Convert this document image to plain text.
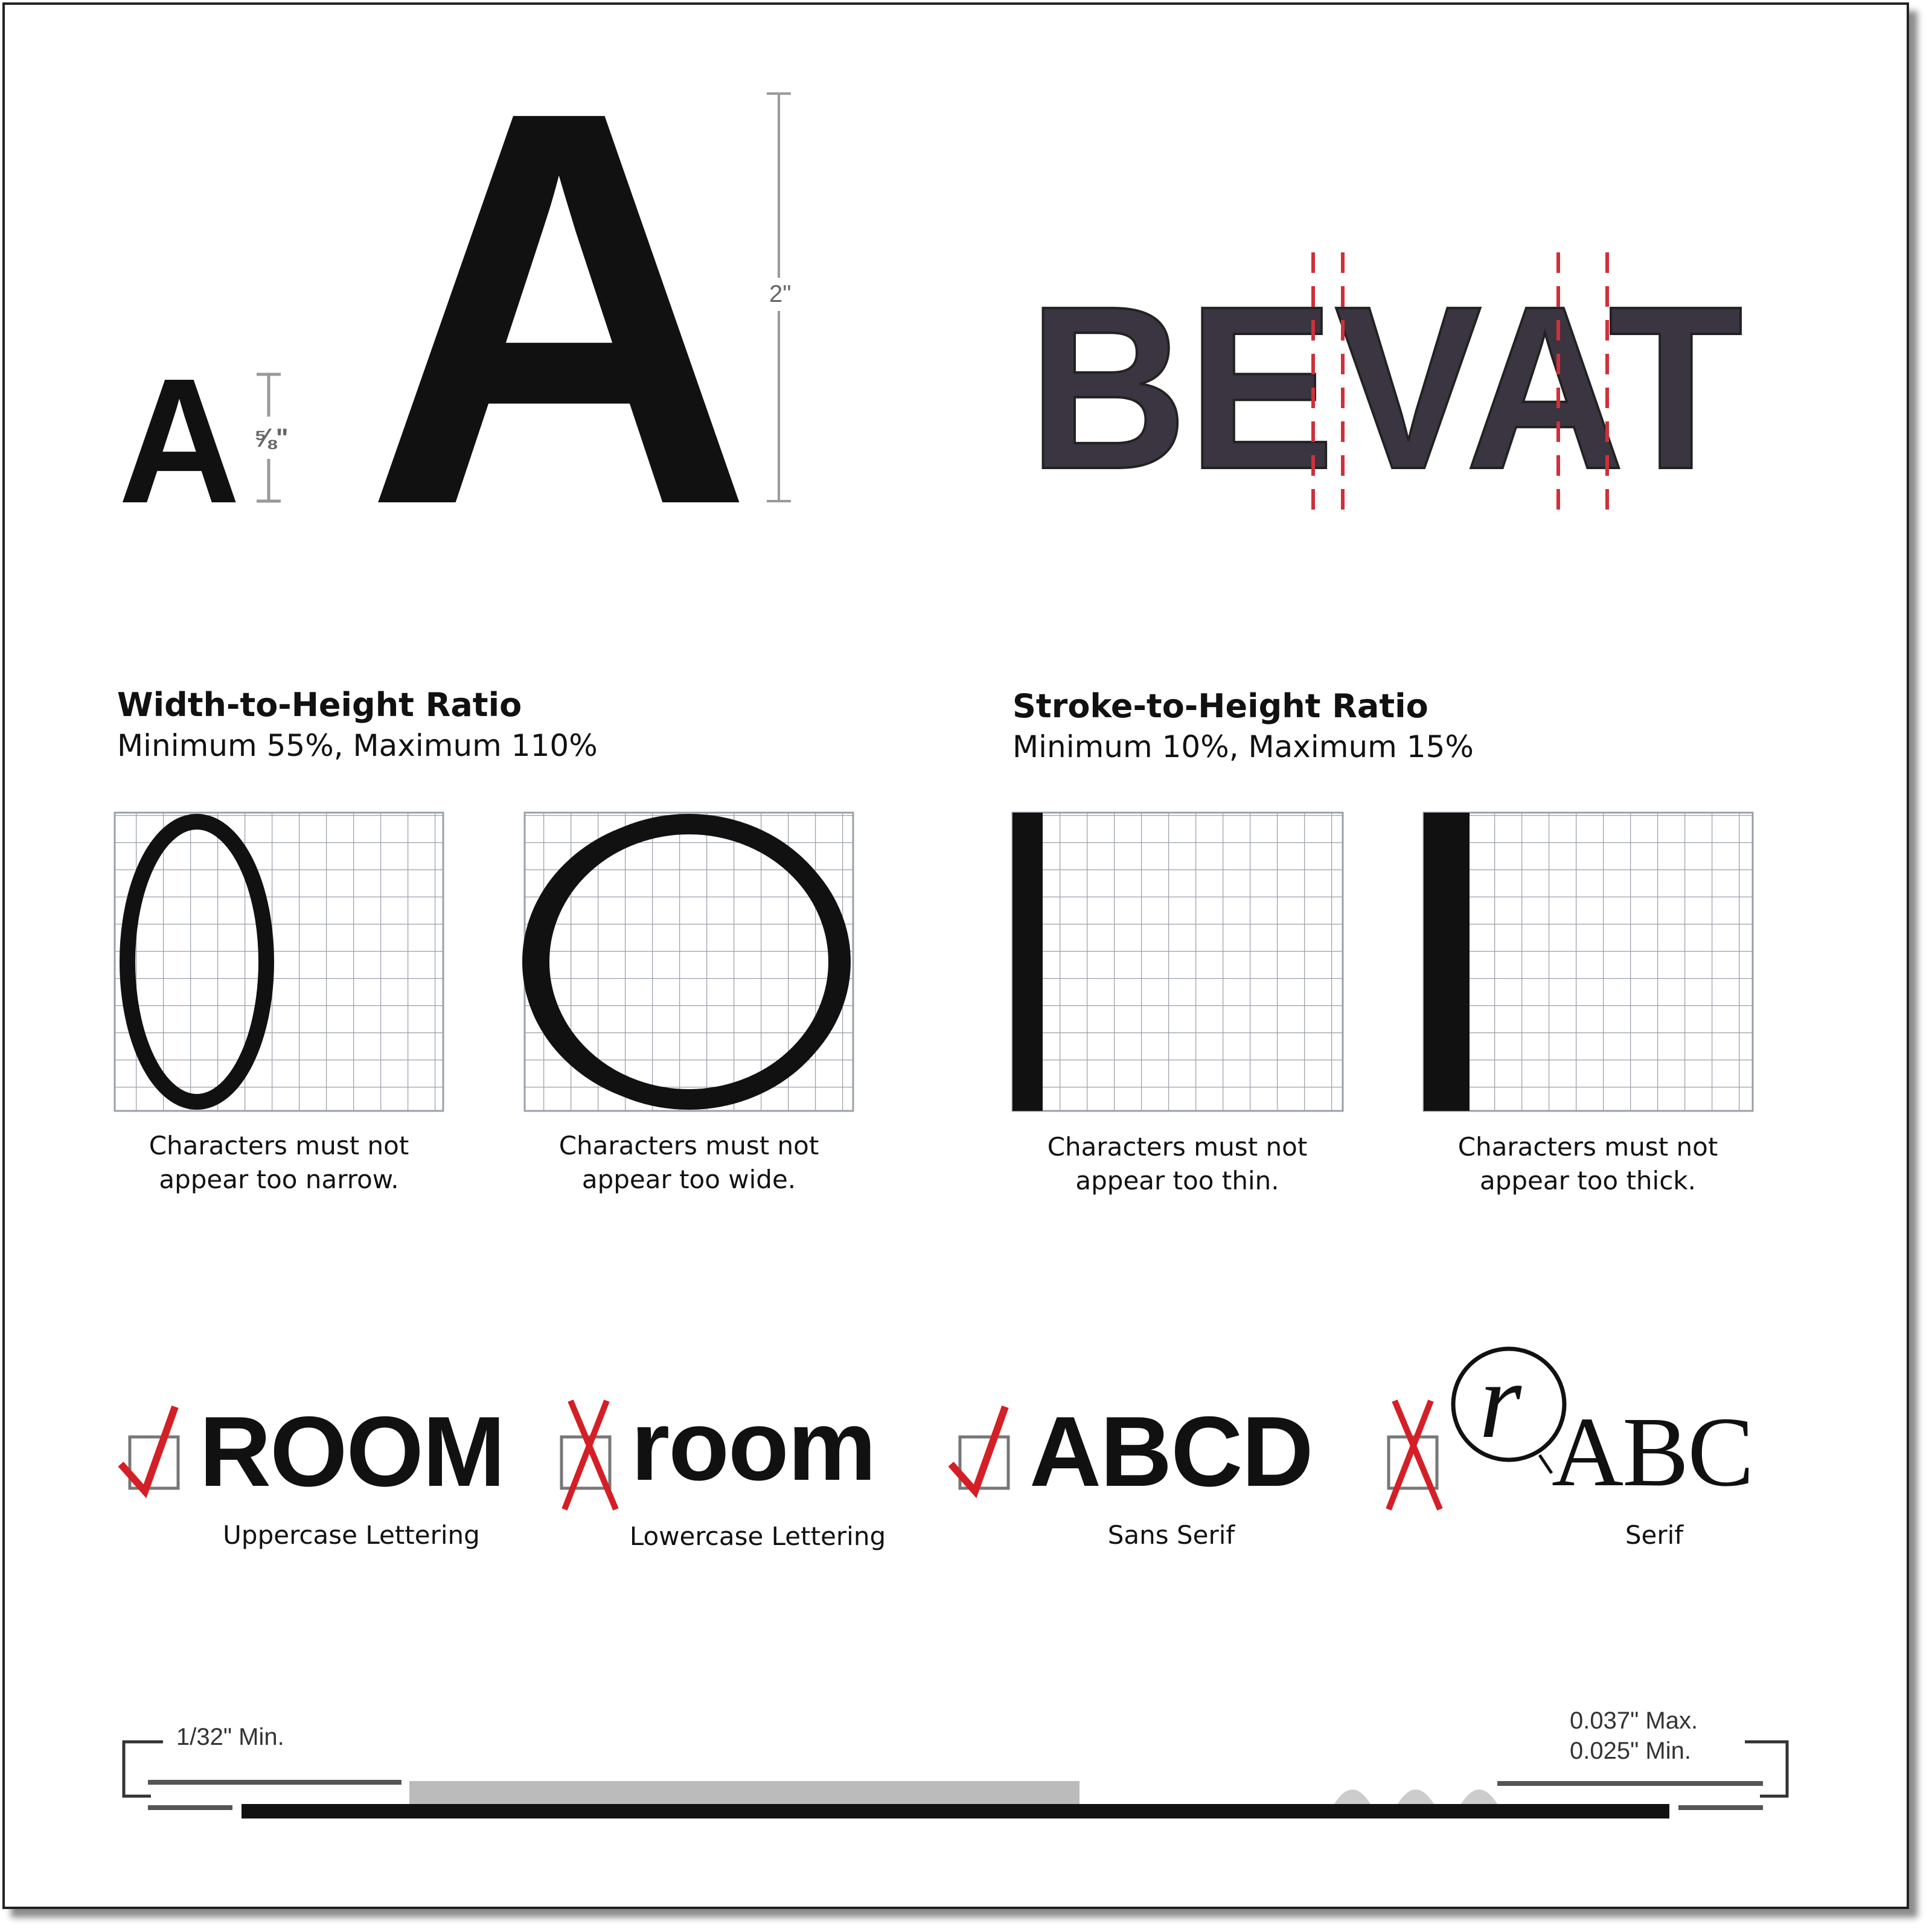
A ⅝" A 2" BEVAT
r
Width-to-Height Ratio
Minimum 55%, Maximum 110%
Stroke-to-Height Ratio
Minimum 10%, Maximum 15%
Characters must not
appear too narrow.
Characters must not
appear too wide.
Characters must not
appear too thin.
Characters must not
appear too thick.
ROOM room ABCD ABC
Uppercase Lettering	Lowercase Lettering	Sans Serif	Serif
1/32" Min.
0.037" Max.
0.025" Min.
